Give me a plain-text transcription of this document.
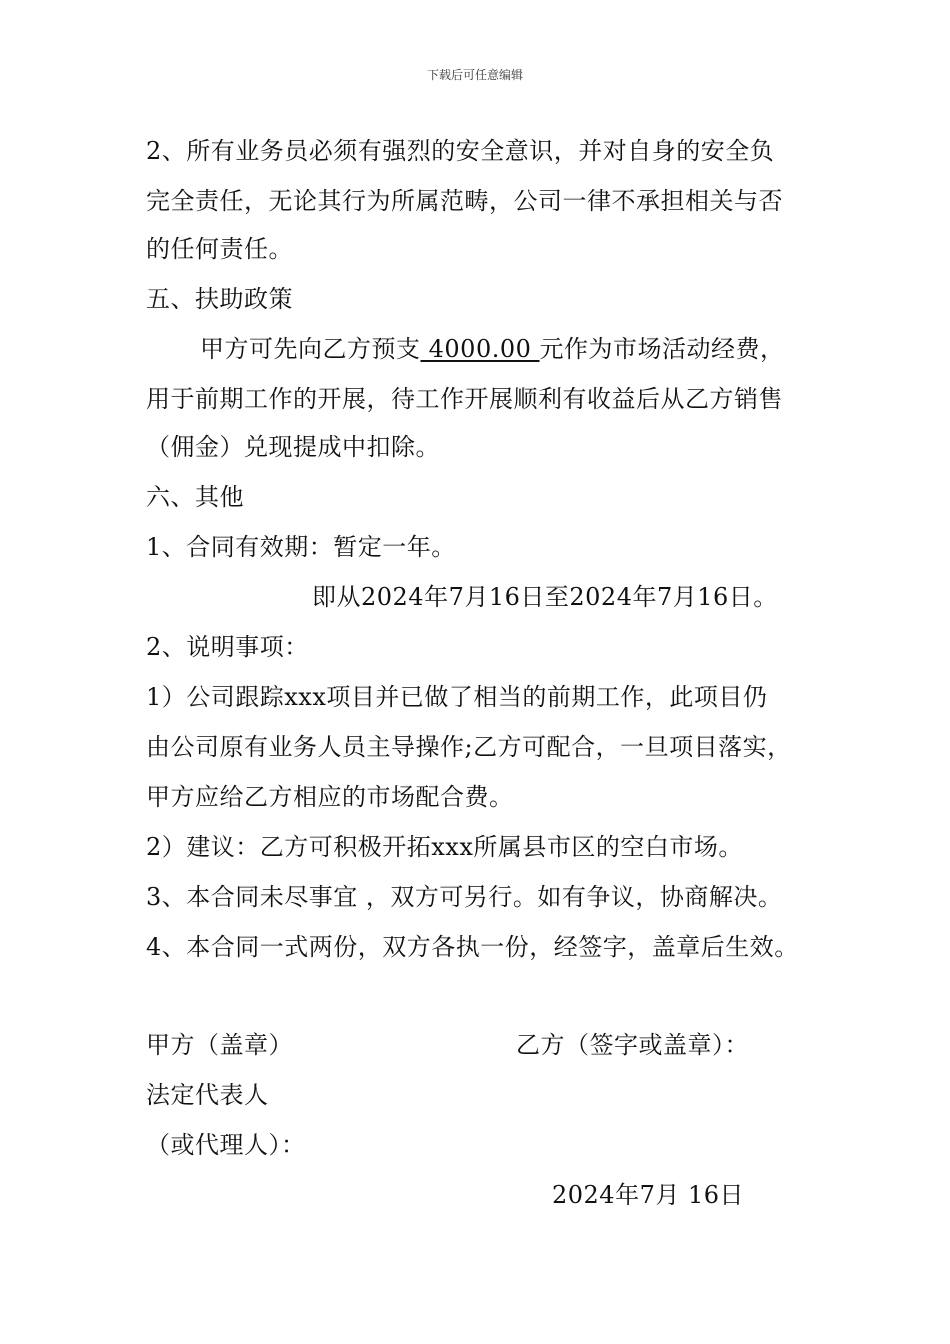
下载后可任意编辑
2、所有业务员必须有强烈的安全意识，并对自身的安全负
完全责任，无论其行为所属范畴，公司一律不承担相关与否
的任何责任。
五、扶助政策
甲方可先向乙方预支 4000.00 元作为市场活动经费，
用于前期工作的开展，待工作开展顺利有收益后从乙方销售
（佣金）兑现提成中扣除。
六、其他
1、合同有效期：暂定一年。
即从2024年7月16日至2024年7月16日。
2、说明事项：
1）公司跟踪xxx项目并已做了相当的前期工作，此项目仍
由公司原有业务人员主导操作;乙方可配合，一旦项目落实，
甲方应给乙方相应的市场配合费。
2）建议：乙方可积极开拓xxx所属县市区的空白市场。
3、本合同未尽事宜 ，双方可另行。如有争议，协商解决。
4、本合同一式两份，双方各执一份，经签字，盖章后生效。
甲方（盖章）	乙方（签字或盖章）：
法定代表人
（或代理人）：
2024年7月 16日
